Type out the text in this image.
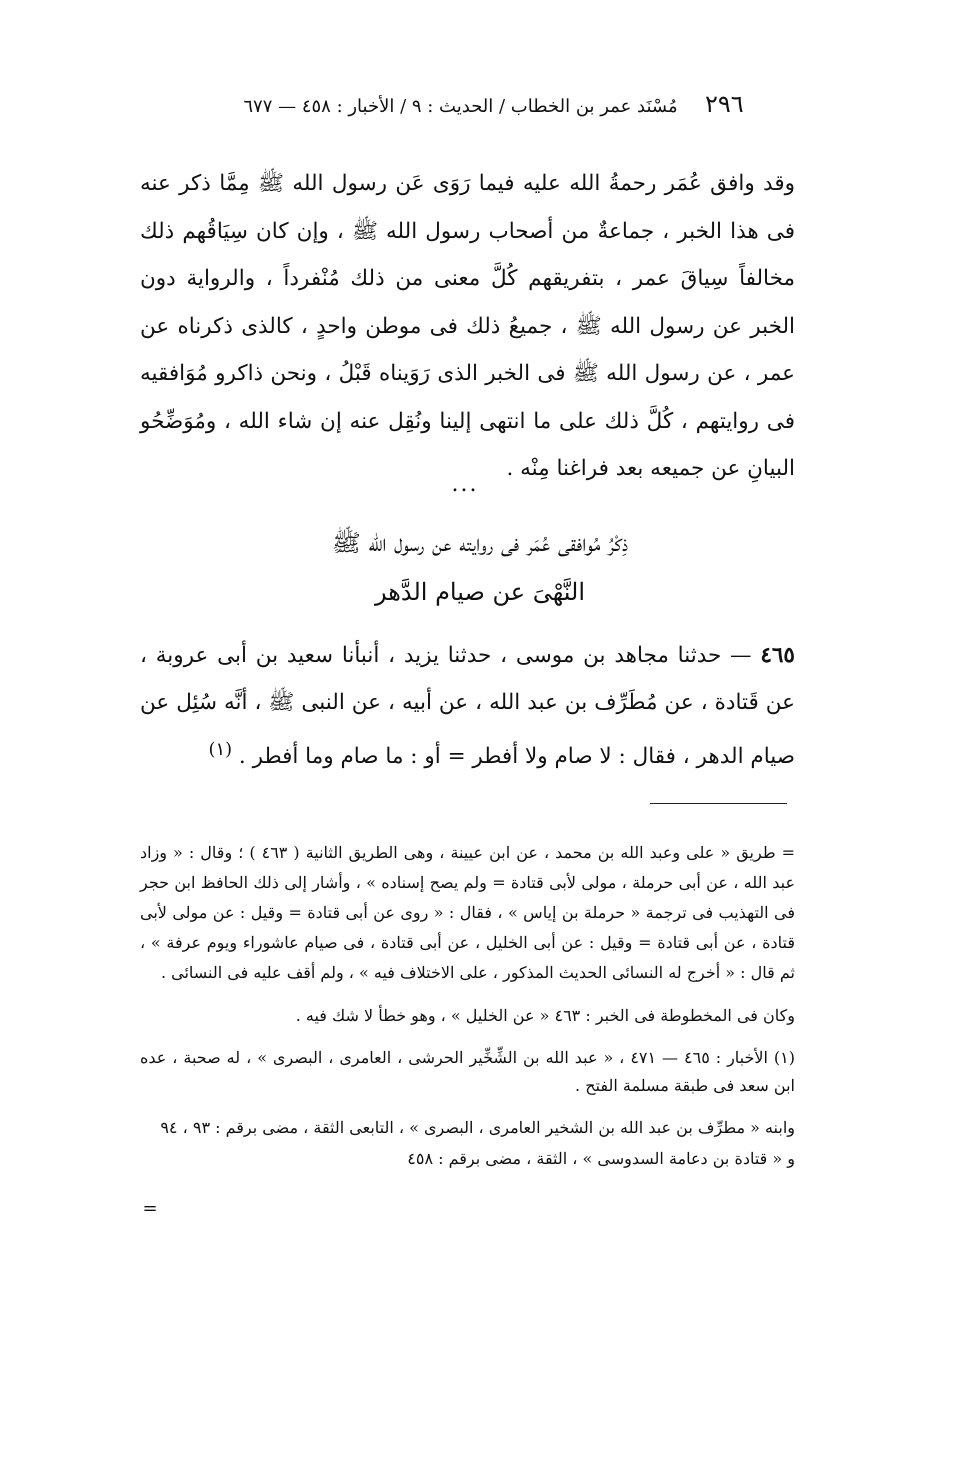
مُسْنَد عمر بن الخطاب / الحديث : ٩ / الأخبار : ٤٥٨ — ٦٧٧	٢٩٦
وقد وافق عُمَر رحمةُ الله عليه فيما رَوَى عَن رسول الله ﷺ مِمَّا ذكر عنه فى هذا الخبر ، جماعةٌ من أصحاب رسول الله ﷺ ، وإن كان سِيَاقُهم ذلك مخالفاً سِياقَ عمر ، بتفريقهم كُلَّ معنى من ذلك مُنْفرداً ، والرواية دون الخبر عن رسول الله ﷺ ، جميعُ ذلك فى موطن واحدٍ ، كالذى ذكرناه عن عمر ، عن رسول الله ﷺ فى الخبر الذى رَوَيناه قَبْلُ ، ونحن ذاكرو مُوَافقيه فى روايتهم ، كُلَّ ذلك على ما انتهى إلينا ونُقِل عنه إن شاء الله ، ومُوَضِّحُو البيانِ عن جميعه بعد فراغنا مِنْه .
...
ذِكْرُ مُوافقى عُمَر فى روايته عن رسول الله ﷺ
النَّهْىَ عن صيام الدَّهر
٤٦٥ — حدثنا مجاهد بن موسى ، حدثنا يزيد ، أنبأنا سعيد بن أبى عروبة ، عن قَتادة ، عن مُطَرِّف بن عبد الله ، عن أبيه ، عن النبى ﷺ ، أنَّه سُئِل عن صيام الدهر ، فقال : لا صام ولا أفطر = أو : ما صام وما أفطر . $^{(١)}$
= طريق « على وعبد الله بن محمد ، عن ابن عيينة ، وهى الطريق الثانية ( ٤٦٣ ) ؛ وقال : « وزاد عبد الله ، عن أبى حرملة ، مولى لأبى قتادة = ولم يصح إسناده » ، وأشار إلى ذلك الحافظ ابن حجر فى التهذيب فى ترجمة « حرملة بن إياس » ، فقال : « روى عن أبى قتادة = وقيل : عن مولى لأبى قتادة ، عن أبى قتادة = وقيل : عن أبى الخليل ، عن أبى قتادة ، فى صيام عاشوراء ويوم عرفة » ، ثم قال : « أخرج له النسائى الحديث المذكور ، على الاختلاف فيه » ، ولم أقف عليه فى النسائى .
وكان فى المخطوطة فى الخبر : ٤٦٣ « عن الخليل » ، وهو خطأ لا شك فيه .
(١) الأخبار : ٤٦٥ — ٤٧١ ، « عبد الله بن الشِّخِّير الحرشى ، العامرى ، البصرى » ، له صحبة ، عده ابن سعد فى طبقة مسلمة الفتح .
وابنه « مطرِّف بن عبد الله بن الشخير العامرى ، البصرى » ، التابعى الثقة ، مضى برقم : ٩٣ ، ٩٤
و « قتادة بن دعامة السدوسى » ، الثقة ، مضى برقم : ٤٥٨
=
